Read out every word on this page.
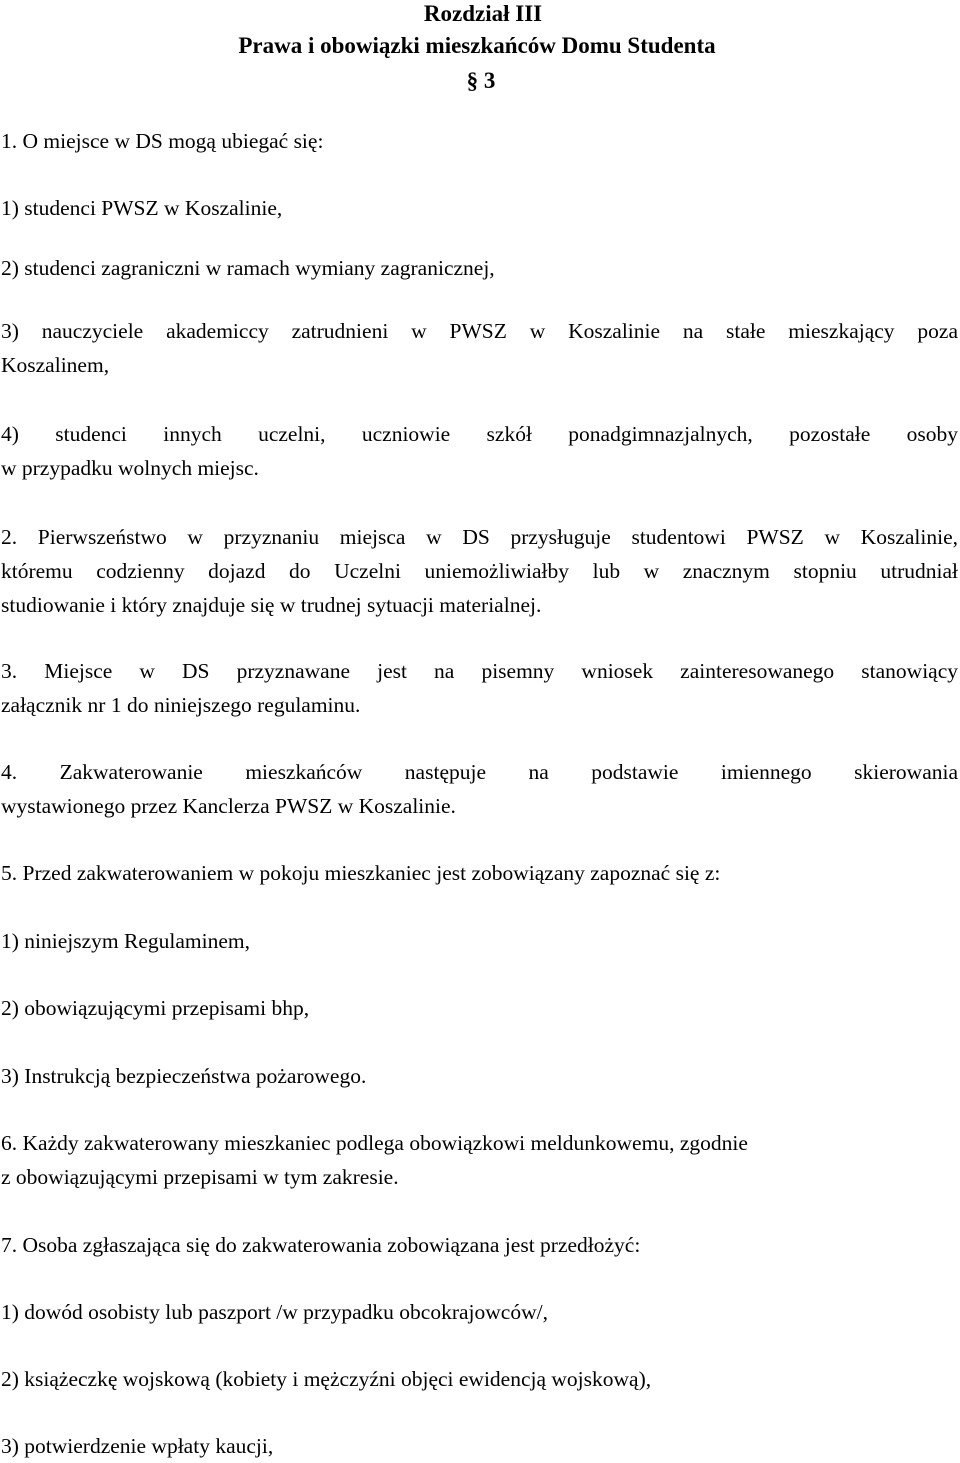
Rozdział III
Prawa i obowiązki mieszkańców Domu Studenta
§ 3

1. O miejsce w DS mogą ubiegać się:

1) studenci PWSZ w Koszalinie,

2) studenci zagraniczni w ramach wymiany zagranicznej,

3) nauczyciele akademiccy zatrudnieni w PWSZ w Koszalinie na stałe mieszkający poza
Koszalinem,

4) studenci innych uczelni, uczniowie szkół ponadgimnazjalnych, pozostałe osoby
w przypadku wolnych miejsc.

2. Pierwszeństwo w przyznaniu miejsca w DS przysługuje studentowi PWSZ w Koszalinie,
któremu codzienny dojazd do Uczelni uniemożliwiałby lub w znacznym stopniu utrudniał
studiowanie i który znajduje się w trudnej sytuacji materialnej.

3. Miejsce w DS przyznawane jest na pisemny wniosek zainteresowanego stanowiący
załącznik nr 1 do niniejszego regulaminu.

4. Zakwaterowanie mieszkańców następuje na podstawie imiennego skierowania
wystawionego przez Kanclerza PWSZ w Koszalinie.

5. Przed zakwaterowaniem w pokoju mieszkaniec jest zobowiązany zapoznać się z:

1) niniejszym Regulaminem,

2) obowiązującymi przepisami bhp,

3) Instrukcją bezpieczeństwa pożarowego.

6. Każdy zakwaterowany mieszkaniec podlega obowiązkowi meldunkowemu, zgodnie
z obowiązującymi przepisami w tym zakresie.

7. Osoba zgłaszająca się do zakwaterowania zobowiązana jest przedłożyć:

1) dowód osobisty lub paszport /w przypadku obcokrajowców/,

2) książeczkę wojskową (kobiety i mężczyźni objęci ewidencją wojskową),

3) potwierdzenie wpłaty kaucji,
